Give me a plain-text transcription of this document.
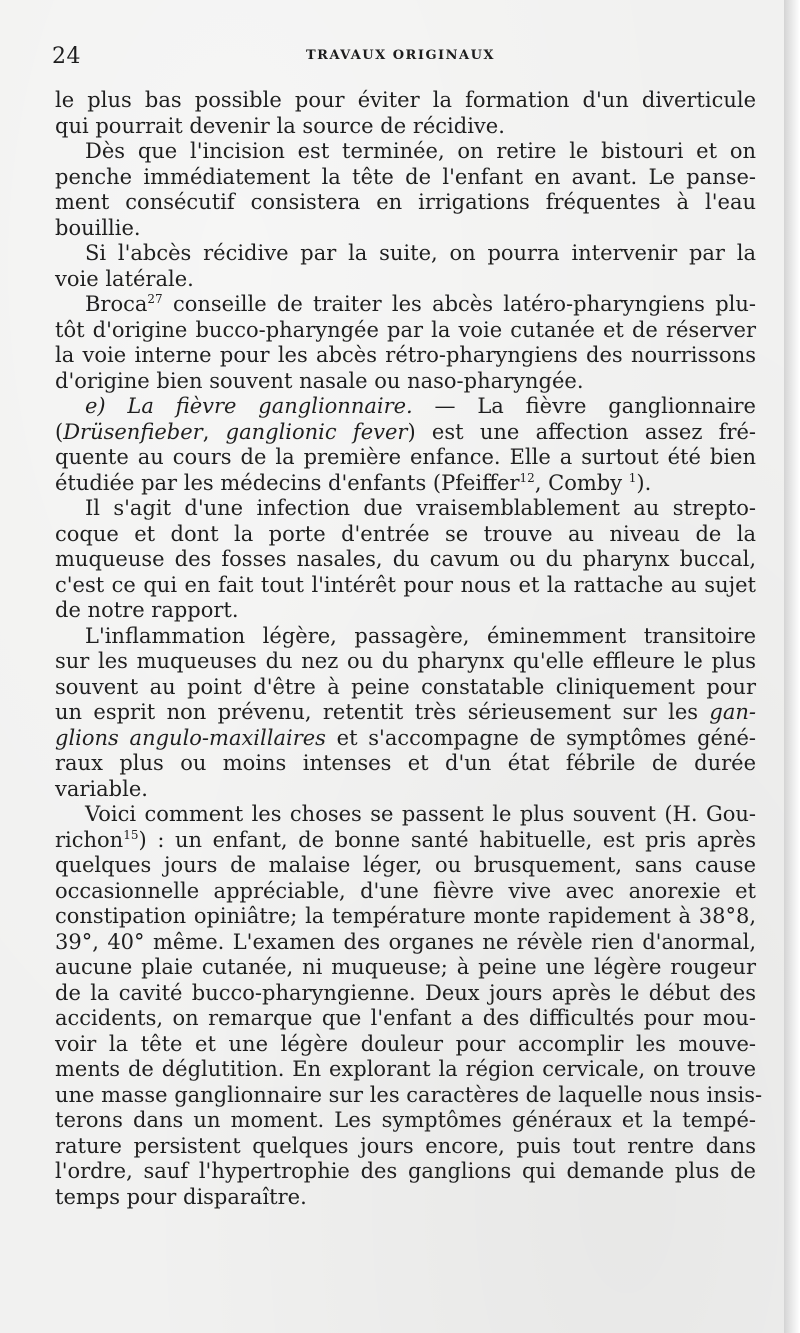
24	TRAVAUX ORIGINAUX
le plus bas possible pour éviter la formation d'un diverticule
qui pourrait devenir la source de récidive.
Dès que l'incision est terminée, on retire le bistouri et on
penche immédiatement la tête de l'enfant en avant. Le panse-
ment consécutif consistera en irrigations fréquentes à l'eau
bouillie.
Si l'abcès récidive par la suite, on pourra intervenir par la
voie latérale.
Broca$^{27}$ conseille de traiter les abcès latéro-pharyngiens plu-
tôt d'origine bucco-pharyngée par la voie cutanée et de réserver
la voie interne pour les abcès rétro-pharyngiens des nourrissons
d'origine bien souvent nasale ou naso-pharyngée.
e) La fièvre ganglionnaire. — La fièvre ganglionnaire
(Drüsenfieber, ganglionic fever) est une affection assez fré-
quente au cours de la première enfance. Elle a surtout été bien
étudiée par les médecins d'enfants (Pfeiffer$^{12}$, Comby $^1$).
Il s'agit d'une infection due vraisemblablement au strepto-
coque et dont la porte d'entrée se trouve au niveau de la
muqueuse des fosses nasales, du cavum ou du pharynx buccal,
c'est ce qui en fait tout l'intérêt pour nous et la rattache au sujet
de notre rapport.
L'inflammation légère, passagère, éminemment transitoire
sur les muqueuses du nez ou du pharynx qu'elle effleure le plus
souvent au point d'être à peine constatable cliniquement pour
un esprit non prévenu, retentit très sérieusement sur les gan-
glions angulo-maxillaires et s'accompagne de symptômes géné-
raux plus ou moins intenses et d'un état fébrile de durée
variable.
Voici comment les choses se passent le plus souvent (H. Gou-
richon$^{15}$) : un enfant, de bonne santé habituelle, est pris après
quelques jours de malaise léger, ou brusquement, sans cause
occasionnelle appréciable, d'une fièvre vive avec anorexie et
constipation opiniâtre; la température monte rapidement à 38°8,
39°, 40° même. L'examen des organes ne révèle rien d'anormal,
aucune plaie cutanée, ni muqueuse; à peine une légère rougeur
de la cavité bucco-pharyngienne. Deux jours après le début des
accidents, on remarque que l'enfant a des difficultés pour mou-
voir la tête et une légère douleur pour accomplir les mouve-
ments de déglutition. En explorant la région cervicale, on trouve
une masse ganglionnaire sur les caractères de laquelle nous insis-
terons dans un moment. Les symptômes généraux et la tempé-
rature persistent quelques jours encore, puis tout rentre dans
l'ordre, sauf l'hypertrophie des ganglions qui demande plus de
temps pour disparaître.
